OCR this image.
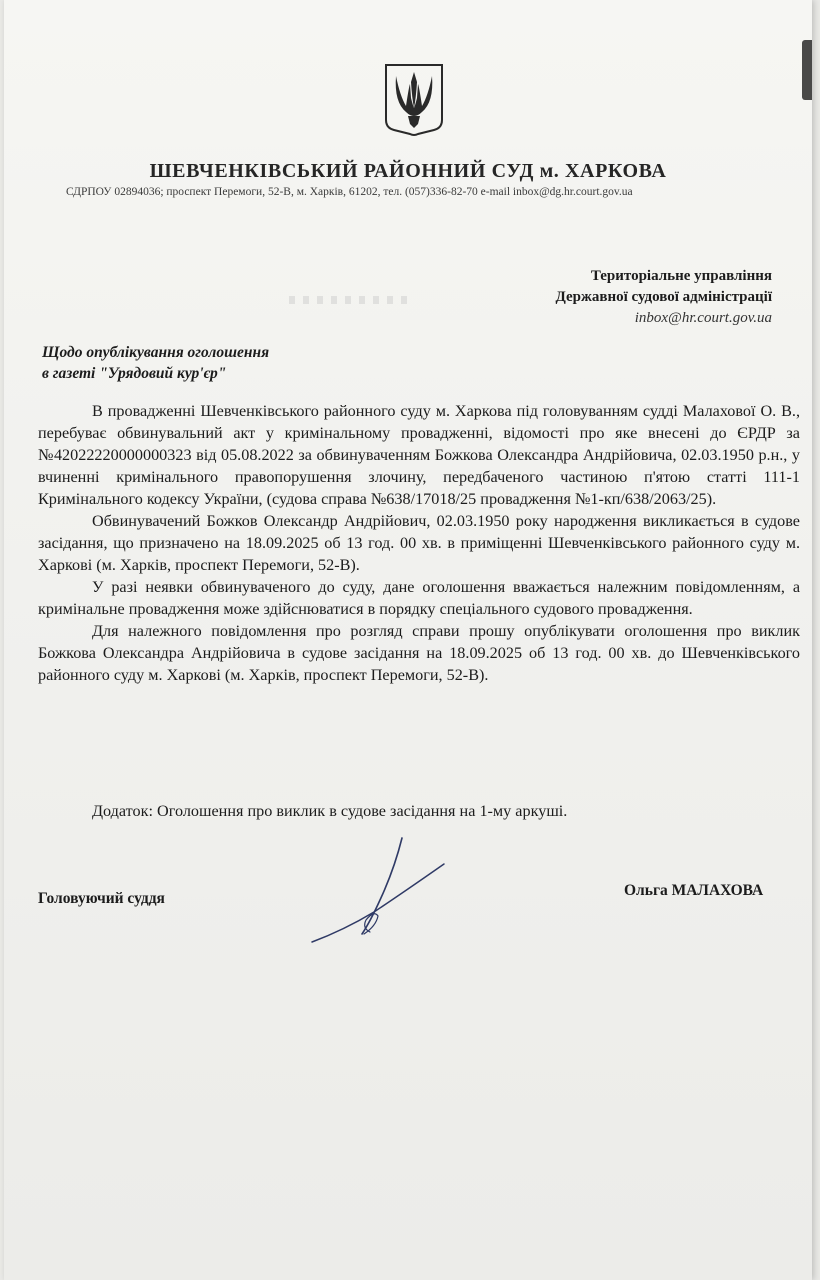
ШЕВЧЕНКІВСЬКИЙ РАЙОННИЙ СУД м. ХАРКОВА
СДРПОУ 02894036; проспект Перемоги, 52-В, м. Харків, 61202, тел. (057)336-82-70 e-mail inbox@dg.hr.court.gov.ua
Територіальне управління
Державної судової адміністрації
inbox@hr.court.gov.ua
Щодо опублікування оголошення
в газеті "Урядовий кур'єр"

В провадженні Шевченківського районного суду м. Харкова під головуванням судді Малахової О. В., перебуває обвинувальний акт у кримінальному провадженні, відомості про яке внесені до ЄРДР за №42022220000000323 від 05.08.2022 за обвинуваченням Божкова Олександра Андрійовича, 02.03.1950 р.н., у вчиненні кримінального правопорушення злочину, передбаченого частиною п'ятою статті 111-1 Кримінального кодексу України, (судова справа №638/17018/25 провадження №1-кп/638/2063/25).

Обвинувачений Божков Олександр Андрійович, 02.03.1950 року народження викликається в судове засідання, що призначено на 18.09.2025 об 13 год. 00 хв. в приміщенні Шевченківського районного суду м. Харкові (м. Харків, проспект Перемоги, 52-В).

У разі неявки обвинуваченого до суду, дане оголошення вважається належним повідомленням, а кримінальне провадження може здійснюватися в порядку спеціального судового провадження.

Для належного повідомлення про розгляд справи прошу опублікувати оголошення про виклик Божкова Олександра Андрійовича в судове засідання на 18.09.2025 об 13 год. 00 хв. до Шевченківського районного суду м. Харкові (м. Харків, проспект Перемоги, 52-В).

Додаток: Оголошення про виклик в судове засідання на 1-му аркуші.
Головуючий суддя	Ольга МАЛАХОВА
